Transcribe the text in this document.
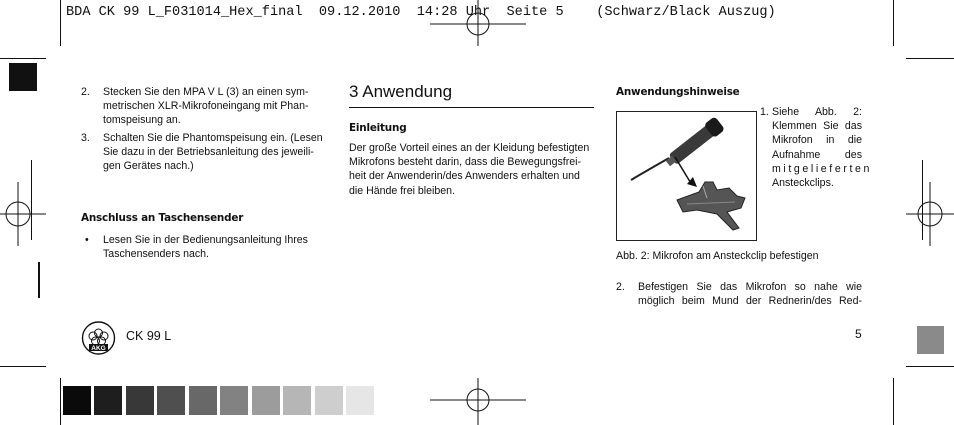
BDA CK 99 L_F031014_Hex_final  09.12.2010  14:28 Uhr  Seite 5    (Schwarz/Black Auszug)
2. Stecken Sie den MPA V L (3) an einen sym-
metrischen XLR-Mikrofoneingang mit Phan-
tomspeisung an.
3. Schalten Sie die Phantomspeisung ein. (Lesen
Sie dazu in der Betriebsanleitung des jeweili-
gen Gerätes nach.)
Anschluss an Taschensender
• Lesen Sie in der Bedienungsanleitung Ihres
Taschensenders nach.
3 Anwendung
Einleitung
Der große Vorteil eines an der Kleidung befestigten
Mikrofons besteht darin, dass die Bewegungsfrei-
heit der Anwenderin/des Anwenders erhalten und
die Hände frei bleiben.
Anwendungshinweise
1. Siehe Abb. 2:
Klemmen Sie das
Mikrofon in die
Aufnahme des
mitgelieferten
Ansteckclips.
Abb. 2: Mikrofon am Ansteckclip befestigen
2. Befestigen Sie das Mikrofon so nahe wie
möglich beim Mund der Rednerin/des Red-
AKG
CK 99 L	5
